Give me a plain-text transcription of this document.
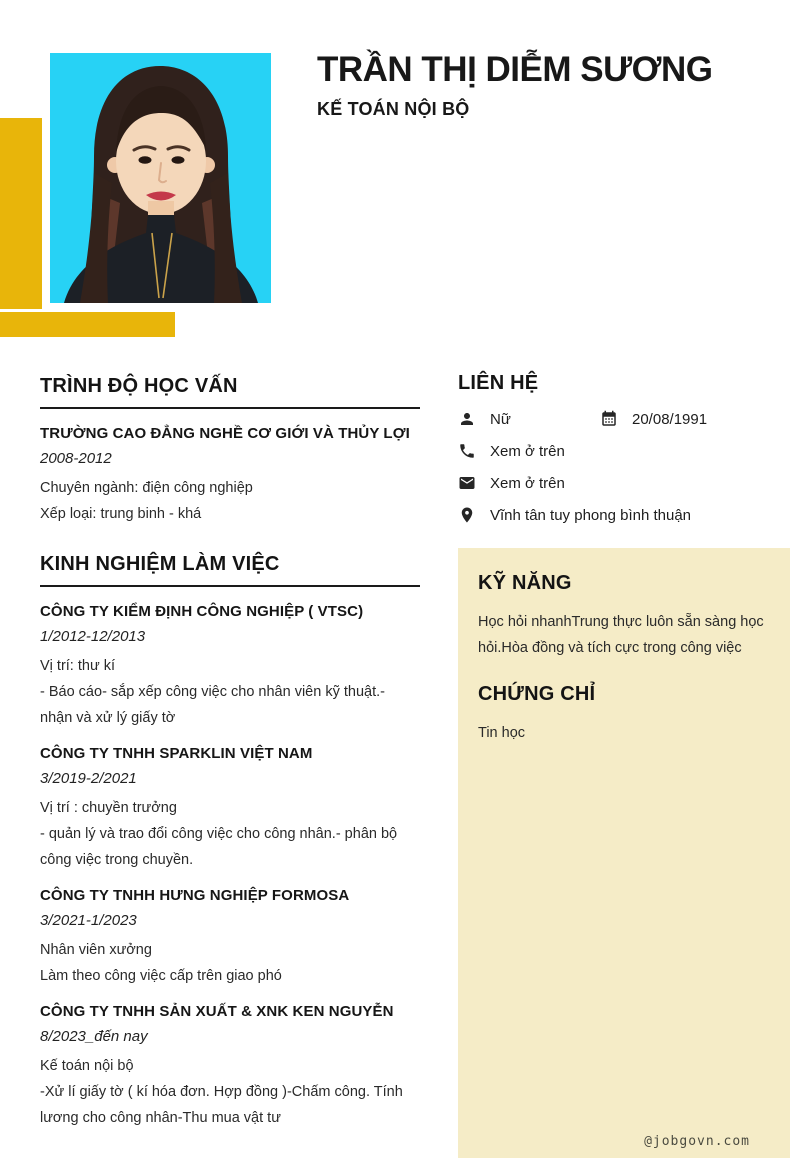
TRẦN THỊ DIỄM SƯƠNG
KẾ TOÁN NỘI BỘ
TRÌNH ĐỘ HỌC VẤN
TRƯỜNG CAO ĐẲNG NGHỀ CƠ GIỚI VÀ THỦY LỢI
2008-2012
Chuyên ngành: điện công nghiệp
Xếp loại: trung binh - khá
KINH NGHIỆM LÀM VIỆC
CÔNG TY KIỂM ĐỊNH CÔNG NGHIỆP ( VTSC)
1/2012-12/2013
Vị trí: thư kí
- Báo cáo- sắp xếp công việc cho nhân viên kỹ thuật.- nhận và xử lý giấy tờ
CÔNG TY TNHH SPARKLIN VIỆT NAM
3/2019-2/2021
Vị trí : chuyền trưởng
- quản lý và trao đổi công việc cho công nhân.- phân bộ công việc trong chuyền.
CÔNG TY TNHH HƯNG NGHIỆP FORMOSA
3/2021-1/2023
Nhân viên xưởng
Làm theo công việc cấp trên giao phó
CÔNG TY TNHH SẢN XUẤT & XNK KEN NGUYỄN
8/2023_đến nay
Kế toán nội bộ
-Xử lí giấy tờ ( kí hóa đơn. Hợp đồng )-Chấm công. Tính lương cho công nhân-Thu mua vật tư
LIÊN HỆ
Nữ	20/08/1991
Xem ở trên
Xem ở trên
Vĩnh tân tuy phong bình thuận
KỸ NĂNG
Học hỏi nhanhTrung thực luôn sẵn sàng học hỏi.Hòa đồng và tích cực trong công việc
CHỨNG CHỈ
Tin học
@jobgovn.com
